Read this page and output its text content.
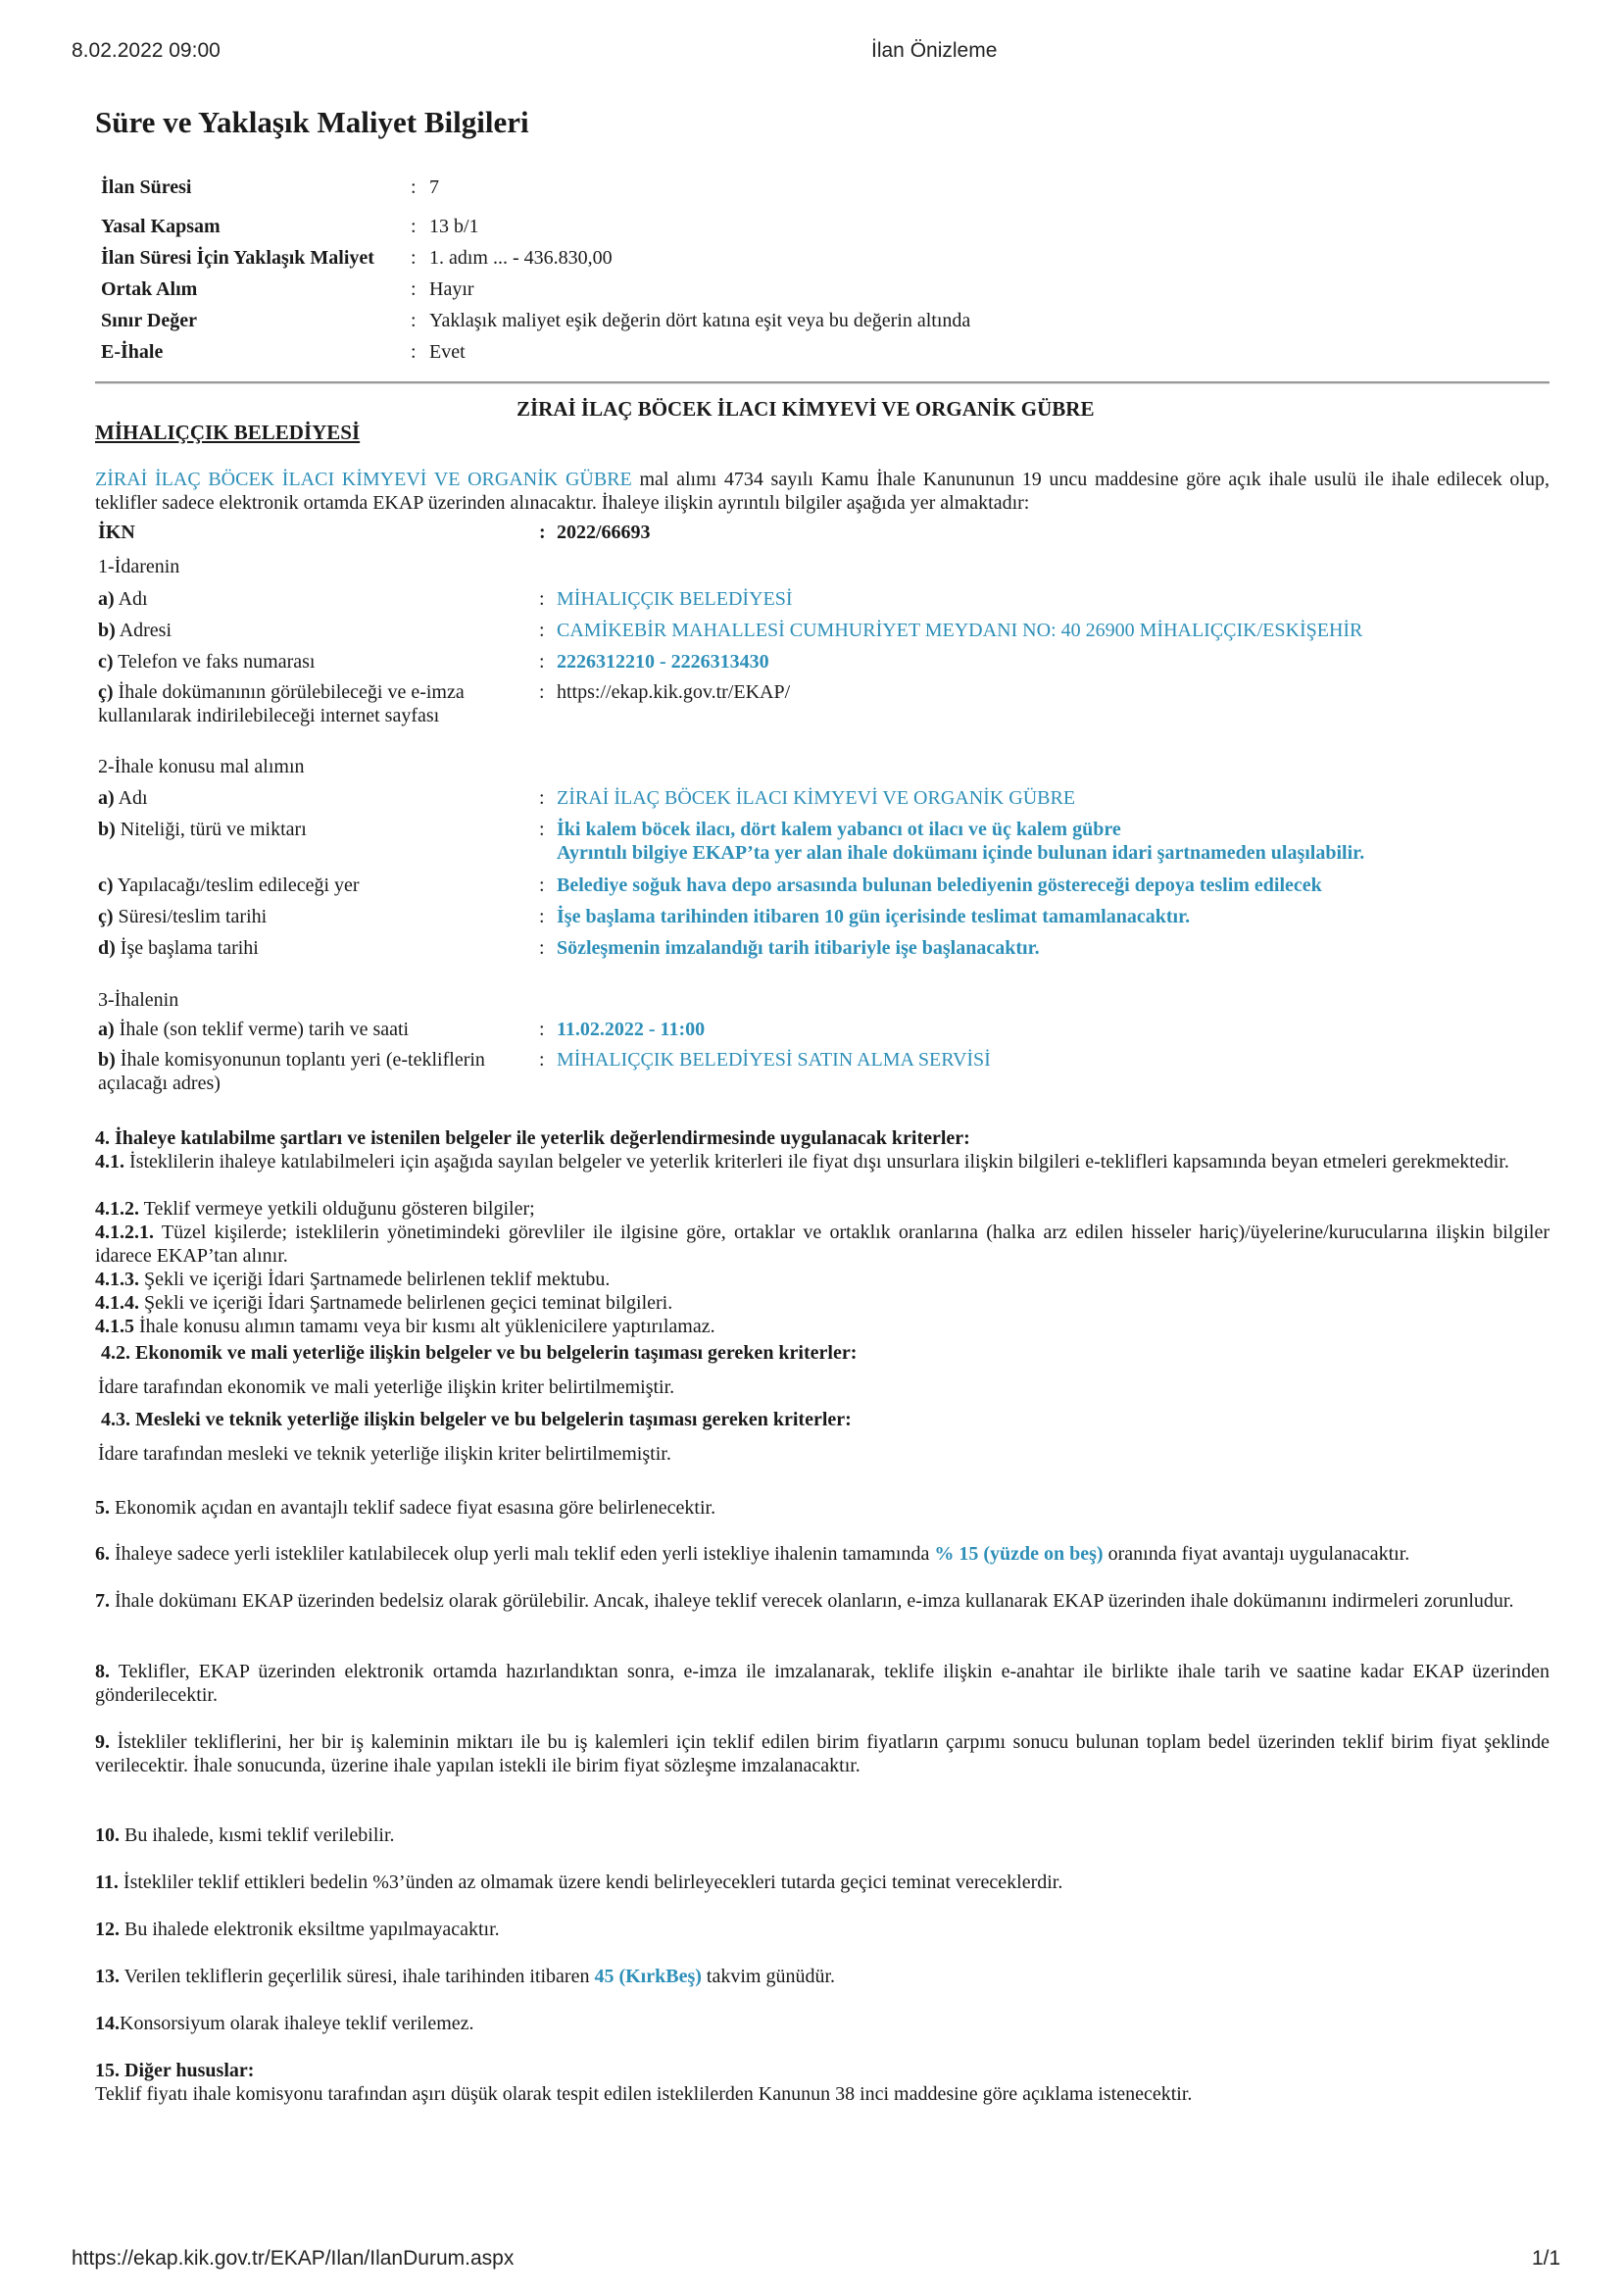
8.02.2022 09:00	İlan Önizleme
https://ekap.kik.gov.tr/EKAP/Ilan/IlanDurum.aspx	1/1
Süre ve Yaklaşık Maliyet Bilgileri
İlan Süresi	: 7
Yasal Kapsam	: 13 b/1
İlan Süresi İçin Yaklaşık Maliyet : 1. adım ... - 436.830,00
Ortak Alım	: Hayır
Sınır Değer	: Yaklaşık maliyet eşik değerin dört katına eşit veya bu değerin altında
E-İhale	: Evet
ZİRAİ İLAÇ BÖCEK İLACI KİMYEVİ VE ORGANİK GÜBRE
MİHALIÇÇIK BELEDİYESİ
ZİRAİ İLAÇ BÖCEK İLACI KİMYEVİ VE ORGANİK GÜBRE mal alımı 4734 sayılı Kamu İhale Kanununun 19 uncu maddesine göre açık ihale usulü ile ihale edilecek olup, teklifler sadece elektronik ortamda EKAP üzerinden alınacaktır. İhaleye ilişkin ayrıntılı bilgiler aşağıda yer almaktadır:
İKN	: 2022/66693
1-İdarenin
a) Adı	: MİHALIÇÇIK BELEDİYESİ
b) Adresi	: CAMİKEBİR MAHALLESİ CUMHURİYET MEYDANI NO: 40 26900 MİHALIÇÇIK/ESKİŞEHİR
c) Telefon ve faks numarası	: 2226312210 - 2226313430
ç) İhale dokümanının görülebileceği ve e-imza kullanılarak indirilebileceği internet sayfası
: https://ekap.kik.gov.tr/EKAP/
2-İhale konusu mal alımın
a) Adı	: ZİRAİ İLAÇ BÖCEK İLACI KİMYEVİ VE ORGANİK GÜBRE
b) Niteliği, türü ve miktarı	: İki kalem böcek ilacı, dört kalem yabancı ot ilacı ve üç kalem gübre
Ayrıntılı bilgiye EKAP’ta yer alan ihale dokümanı içinde bulunan idari şartnameden ulaşılabilir.
c) Yapılacağı/teslim edileceği yer	: Belediye soğuk hava depo arsasında bulunan belediyenin göstereceği depoya teslim edilecek
ç) Süresi/teslim tarihi	: İşe başlama tarihinden itibaren 10 gün içerisinde teslimat tamamlanacaktır.
d) İşe başlama tarihi	: Sözleşmenin imzalandığı tarih itibariyle işe başlanacaktır.
3-İhalenin
a) İhale (son teklif verme) tarih ve saati	: 11.02.2022 - 11:00
b) İhale komisyonunun toplantı yeri (e-tekliflerin açılacağı adres)
: MİHALIÇÇIK BELEDİYESİ SATIN ALMA SERVİSİ
4. İhaleye katılabilme şartları ve istenilen belgeler ile yeterlik değerlendirmesinde uygulanacak kriterler:
4.1. İsteklilerin ihaleye katılabilmeleri için aşağıda sayılan belgeler ve yeterlik kriterleri ile fiyat dışı unsurlara ilişkin bilgileri e-teklifleri kapsamında beyan etmeleri gerekmektedir.
4.1.2. Teklif vermeye yetkili olduğunu gösteren bilgiler;
4.1.2.1. Tüzel kişilerde; isteklilerin yönetimindeki görevliler ile ilgisine göre, ortaklar ve ortaklık oranlarına (halka arz edilen hisseler hariç)/üyelerine/kurucularına ilişkin bilgiler idarece EKAP’tan alınır.
4.1.3. Şekli ve içeriği İdari Şartnamede belirlenen teklif mektubu.
4.1.4. Şekli ve içeriği İdari Şartnamede belirlenen geçici teminat bilgileri.
4.1.5 İhale konusu alımın tamamı veya bir kısmı alt yüklenicilere yaptırılamaz.
4.2. Ekonomik ve mali yeterliğe ilişkin belgeler ve bu belgelerin taşıması gereken kriterler:
İdare tarafından ekonomik ve mali yeterliğe ilişkin kriter belirtilmemiştir.
4.3. Mesleki ve teknik yeterliğe ilişkin belgeler ve bu belgelerin taşıması gereken kriterler:
İdare tarafından mesleki ve teknik yeterliğe ilişkin kriter belirtilmemiştir.
5. Ekonomik açıdan en avantajlı teklif sadece fiyat esasına göre belirlenecektir.
6. İhaleye sadece yerli istekliler katılabilecek olup yerli malı teklif eden yerli istekliye ihalenin tamamında % 15 (yüzde on beş) oranında fiyat avantajı uygulanacaktır.
7. İhale dokümanı EKAP üzerinden bedelsiz olarak görülebilir. Ancak, ihaleye teklif verecek olanların, e-imza kullanarak EKAP üzerinden ihale dokümanını indirmeleri zorunludur.
8. Teklifler, EKAP üzerinden elektronik ortamda hazırlandıktan sonra, e-imza ile imzalanarak, teklife ilişkin e-anahtar ile birlikte ihale tarih ve saatine kadar EKAP üzerinden gönderilecektir.
9. İstekliler tekliflerini, her bir iş kaleminin miktarı ile bu iş kalemleri için teklif edilen birim fiyatların çarpımı sonucu bulunan toplam bedel üzerinden teklif birim fiyat şeklinde verilecektir. İhale sonucunda, üzerine ihale yapılan istekli ile birim fiyat sözleşme imzalanacaktır.
10. Bu ihalede, kısmi teklif verilebilir.
11. İstekliler teklif ettikleri bedelin %3’ünden az olmamak üzere kendi belirleyecekleri tutarda geçici teminat vereceklerdir.
12. Bu ihalede elektronik eksiltme yapılmayacaktır.
13. Verilen tekliflerin geçerlilik süresi, ihale tarihinden itibaren 45 (KırkBeş) takvim günüdür.
14.Konsorsiyum olarak ihaleye teklif verilemez.
15. Diğer hususlar:
Teklif fiyatı ihale komisyonu tarafından aşırı düşük olarak tespit edilen isteklilerden Kanunun 38 inci maddesine göre açıklama istenecektir.
